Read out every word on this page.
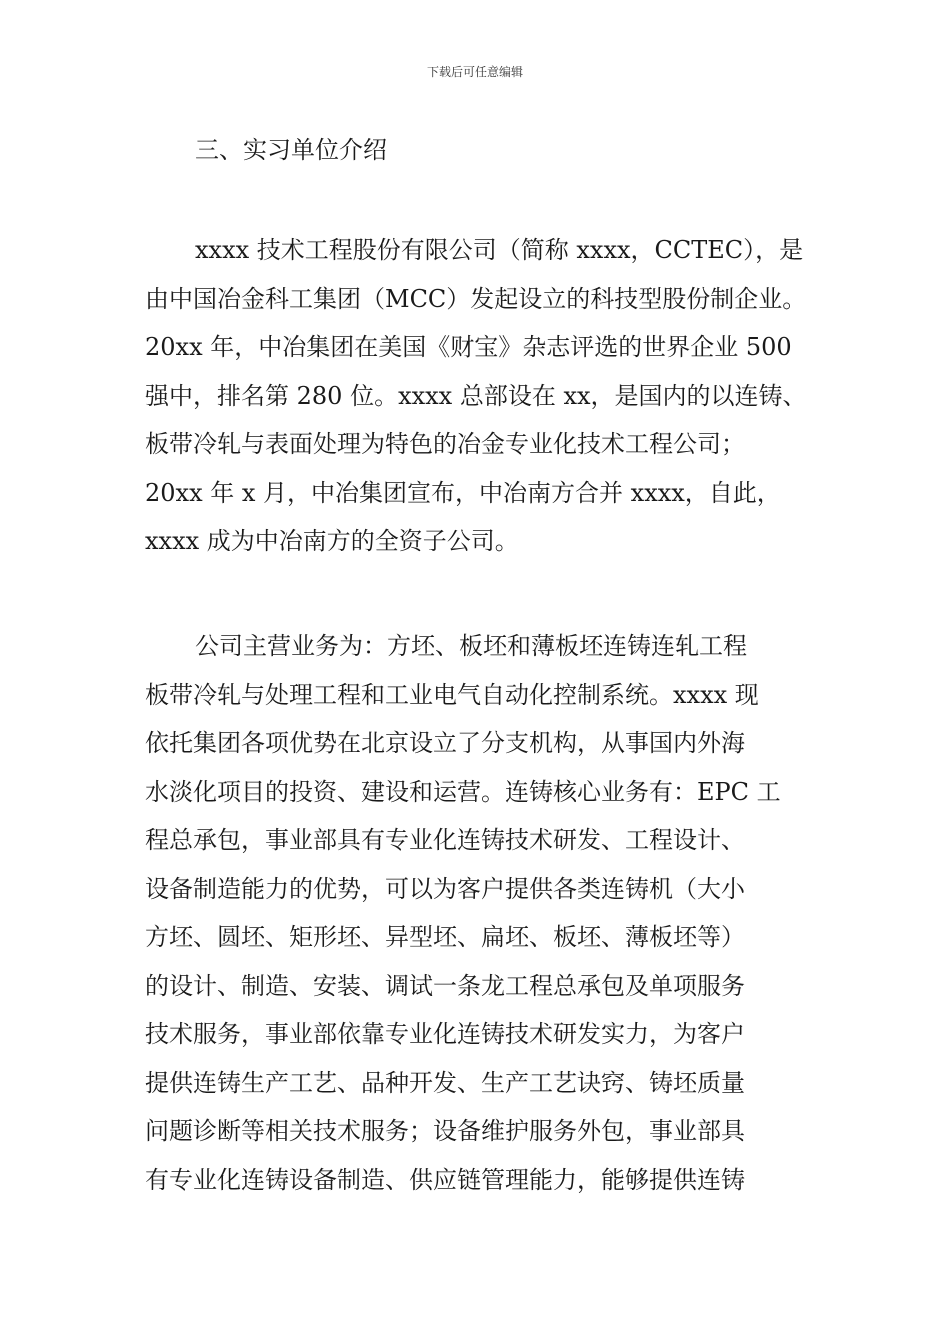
下载后可任意编辑
三、实习单位介绍
xxxx 技术工程股份有限公司（简称 xxxx，CCTEC），是
由中国冶金科工集团（MCC）发起设立的科技型股份制企业。
20xx 年，中冶集团在美国《财宝》杂志评选的世界企业 500
强中，排名第 280 位。xxxx 总部设在 xx，是国内的以连铸、
板带冷轧与表面处理为特色的冶金专业化技术工程公司；
20xx 年 x 月，中冶集团宣布，中冶南方合并 xxxx，自此，
xxxx 成为中冶南方的全资子公司。
公司主营业务为：方坯、板坯和薄板坯连铸连轧工程
板带冷轧与处理工程和工业电气自动化控制系统。xxxx 现
依托集团各项优势在北京设立了分支机构，从事国内外海
水淡化项目的投资、建设和运营。连铸核心业务有：EPC 工
程总承包，事业部具有专业化连铸技术研发、工程设计、
设备制造能力的优势，可以为客户提供各类连铸机（大小
方坯、圆坯、矩形坯、异型坯、扁坯、板坯、薄板坯等）
的设计、制造、安装、调试一条龙工程总承包及单项服务
技术服务，事业部依靠专业化连铸技术研发实力，为客户
提供连铸生产工艺、品种开发、生产工艺诀窍、铸坯质量
问题诊断等相关技术服务；设备维护服务外包，事业部具
有专业化连铸设备制造、供应链管理能力，能够提供连铸
